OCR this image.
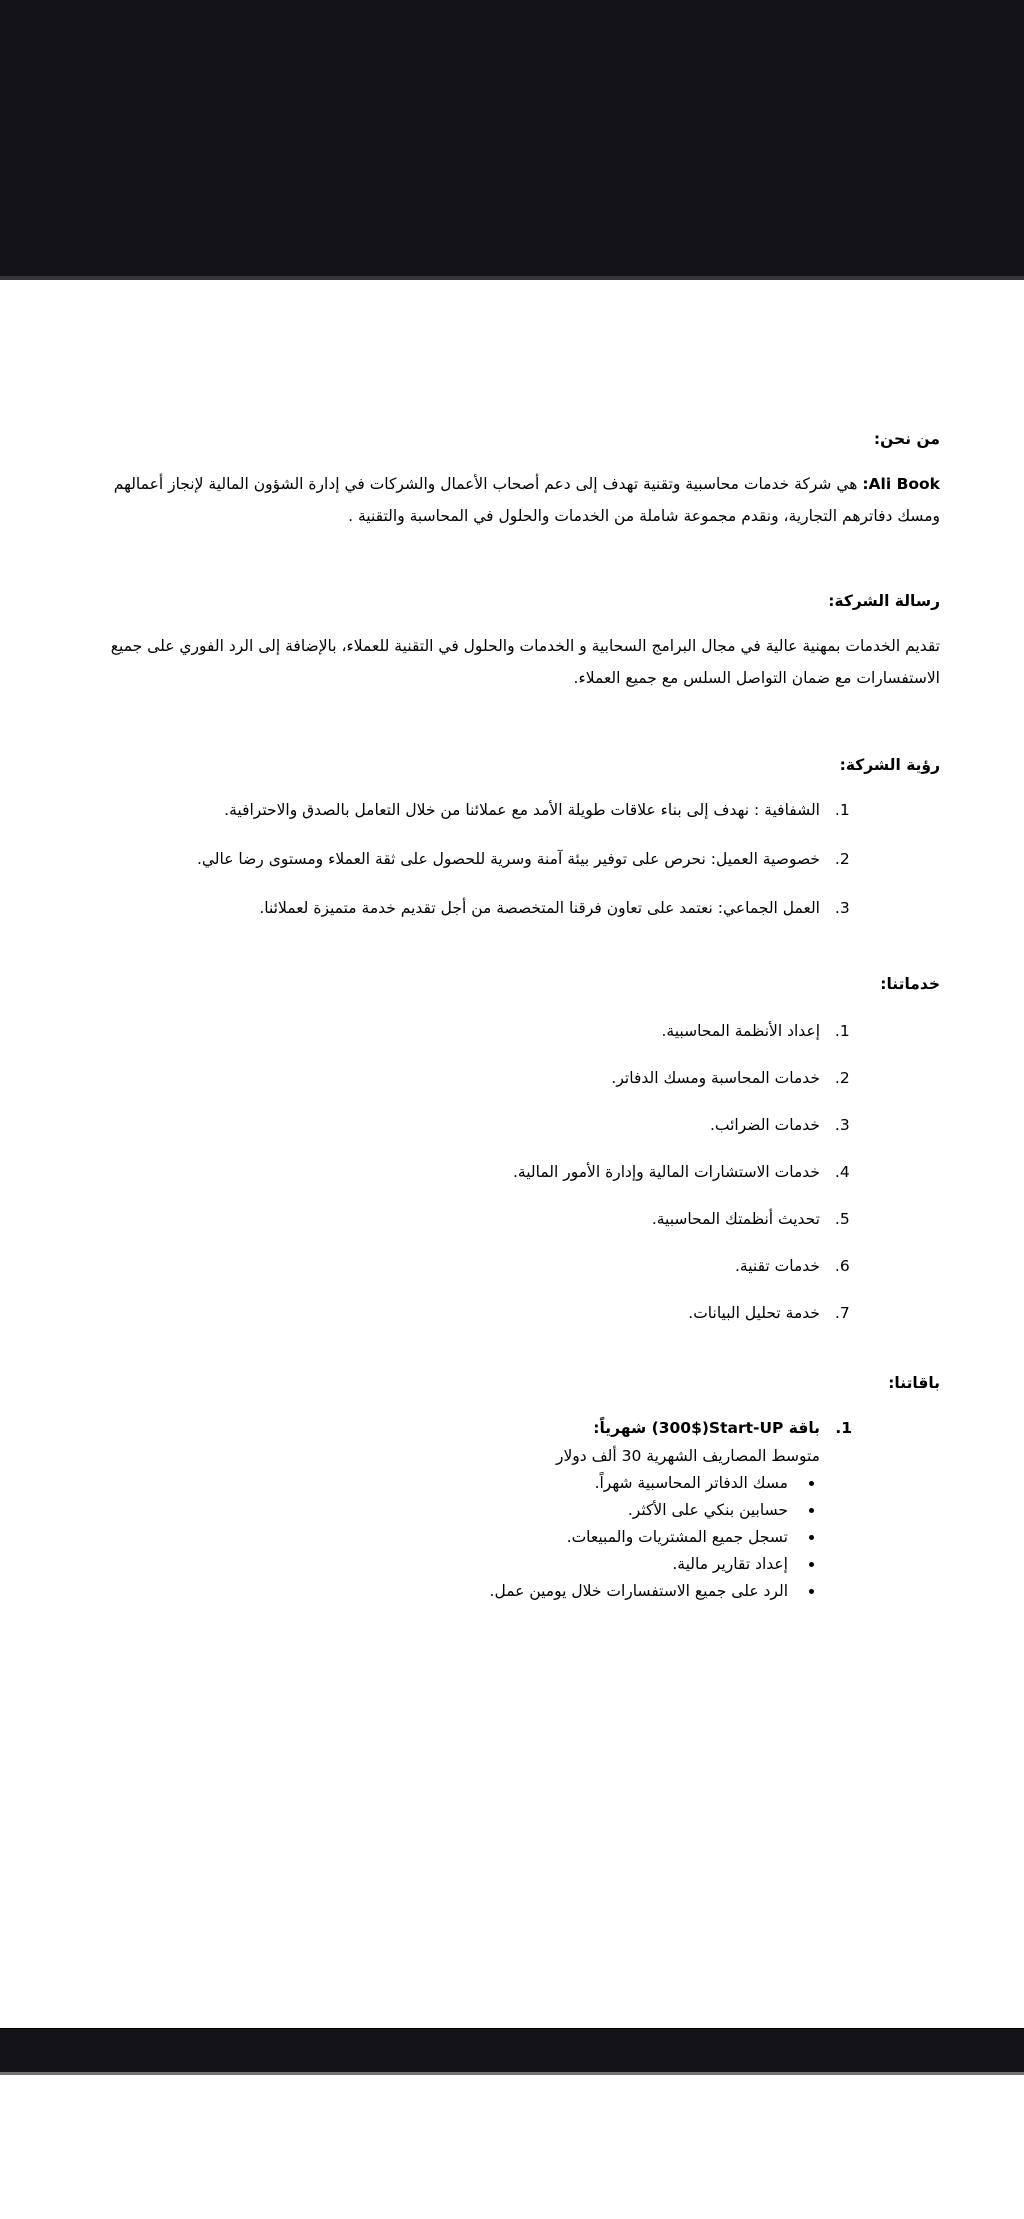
من نحن:

Ali Book: هي شركة خدمات محاسبية وتقنية تهدف إلى دعم أصحاب الأعمال والشركات في إدارة الشؤون المالية لإنجاز أعمالهم ومسك دفاترهم التجارية، ونقدم مجموعة شاملة من الخدمات والحلول في المحاسبة والتقنية .

رسالة الشركة:

تقديم الخدمات بمهنية عالية في مجال البرامج السحابية و الخدمات والحلول في التقنية للعملاء، بالإضافة إلى الرد الفوري على جميع الاستفسارات مع ضمان التواصل السلس مع جميع العملاء.

رؤية الشركة:

1. الشفافية : نهدف إلى بناء علاقات طويلة الأمد مع عملائنا من خلال التعامل بالصدق والاحترافية.
2. خصوصية العميل: نحرص على توفير بيئة آمنة وسرية للحصول على ثقة العملاء ومستوى رضا عالي.
3. العمل الجماعي: نعتمد على تعاون فرقنا المتخصصة من أجل تقديم خدمة متميزة لعملائنا.

خدماتنا:

1. إعداد الأنظمة المحاسبية.
2. خدمات المحاسبة ومسك الدفاتر.
3. خدمات الضرائب.
4. خدمات الاستشارات المالية وإدارة الأمور المالية.
5. تحديث أنظمتك المحاسبية.
6. خدمات تقنية.
7. خدمة تحليل البيانات.

باقاتنا:

1. باقة ‪(300$)Start-UP‬ شهرياً:
متوسط المصاريف الشهرية 30 ألف دولار
• مسك الدفاتر المحاسبية شهراً.
• حسابين بنكي على الأكثر.
• تسجل جميع المشتريات والمبيعات.
• إعداد تقارير مالية.
• الرد على جميع الاستفسارات خلال يومين عمل.
